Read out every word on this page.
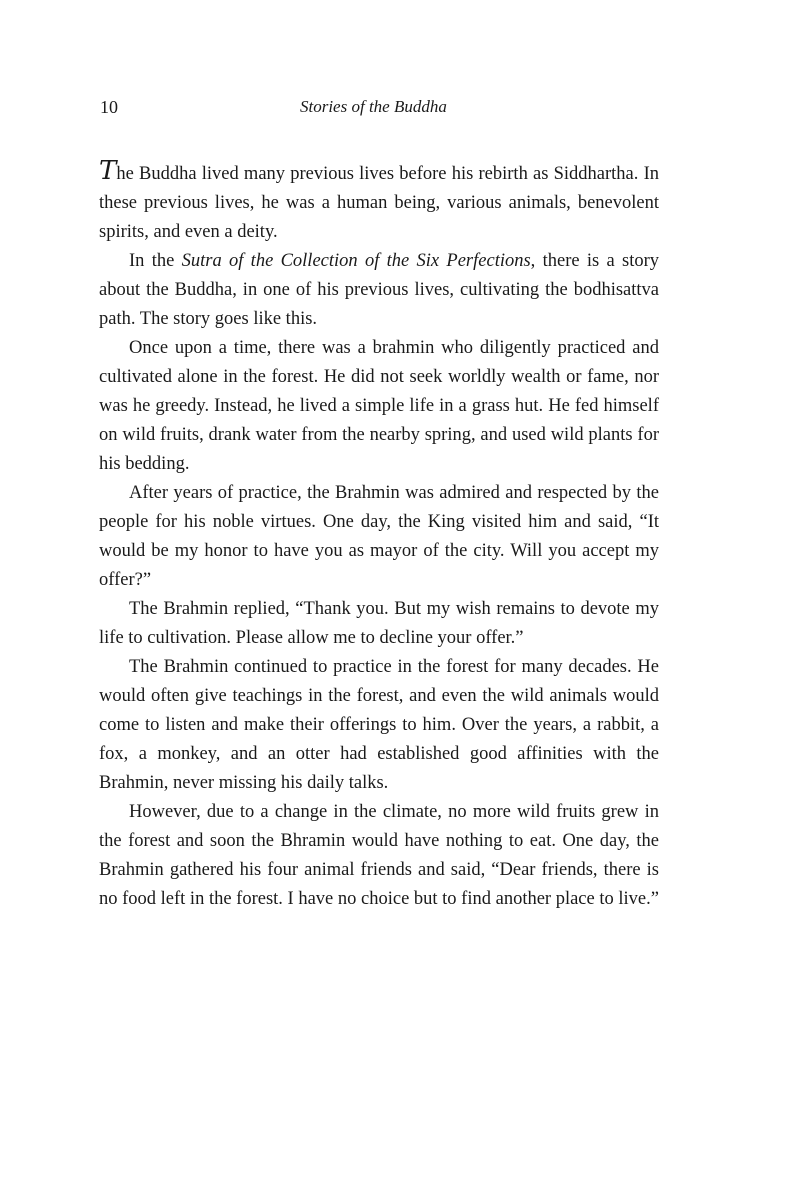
10	Stories of the Buddha

The Buddha lived many previous lives before his rebirth as Siddhartha. In these previous lives, he was a human being, various animals, benevolent spirits, and even a deity.

In the Sutra of the Collection of the Six Perfections, there is a story about the Buddha, in one of his previous lives, cultivating the bodhisattva path. The story goes like this.

Once upon a time, there was a brahmin who diligently practiced and cultivated alone in the forest. He did not seek worldly wealth or fame, nor was he greedy. Instead, he lived a simple life in a grass hut. He fed himself on wild fruits, drank water from the nearby spring, and used wild plants for his bedding.

After years of practice, the Brahmin was admired and respected by the people for his noble virtues. One day, the King visited him and said, “It would be my honor to have you as mayor of the city. Will you accept my offer?”

The Brahmin replied, “Thank you. But my wish remains to devote my life to cultivation. Please allow me to decline your offer.”

The Brahmin continued to practice in the forest for many decades. He would often give teachings in the forest, and even the wild animals would come to listen and make their offerings to him. Over the years, a rabbit, a fox, a monkey, and an otter had established good affinities with the Brahmin, never missing his daily talks.

However, due to a change in the climate, no more wild fruits grew in the forest and soon the Bhramin would have nothing to eat. One day, the Brahmin gathered his four animal friends and said, “Dear friends, there is no food left in the forest. I have no choice but to find another place to live.”
